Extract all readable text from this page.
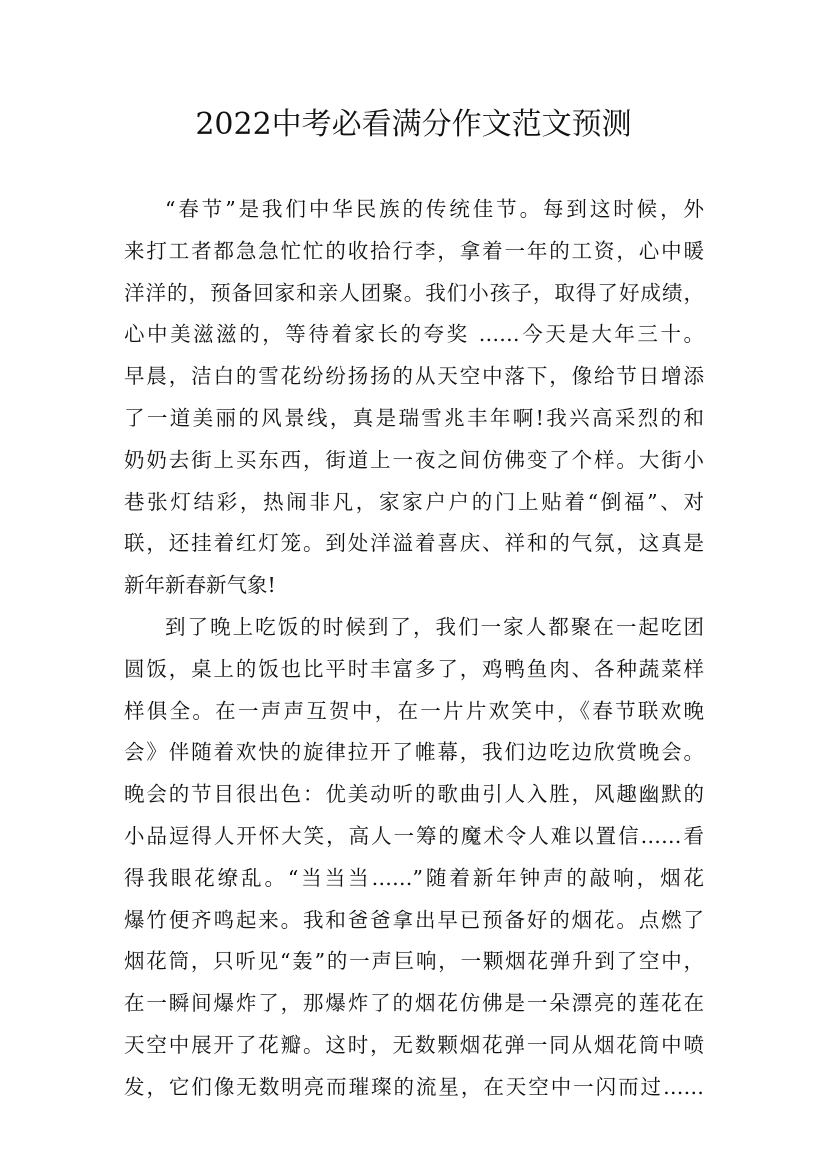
2022中考必看满分作文范文预测
“春节”是我们中华民族的传统佳节。每到这时候，外
来打工者都急急忙忙的收拾行李，拿着一年的工资，心中暖
洋洋的，预备回家和亲人团聚。我们小孩子，取得了好成绩，
心中美滋滋的，等待着家长的夸奖 ……今天是大年三十。
早晨，洁白的雪花纷纷扬扬的从天空中落下，像给节日增添
了一道美丽的风景线，真是瑞雪兆丰年啊!我兴高采烈的和
奶奶去街上买东西，街道上一夜之间仿佛变了个样。大街小
巷张灯结彩，热闹非凡，家家户户的门上贴着“倒福”、对
联，还挂着红灯笼。到处洋溢着喜庆、祥和的气氛，这真是
新年新春新气象!
到了晚上吃饭的时候到了，我们一家人都聚在一起吃团
圆饭，桌上的饭也比平时丰富多了，鸡鸭鱼肉、各种蔬菜样
样俱全。在一声声互贺中，在一片片欢笑中，《春节联欢晚
会》伴随着欢快的旋律拉开了帷幕，我们边吃边欣赏晚会。
晚会的节目很出色：优美动听的歌曲引人入胜，风趣幽默的
小品逗得人开怀大笑，高人一筹的魔术令人难以置信……看
得我眼花缭乱。“当当当……”随着新年钟声的敲响，烟花
爆竹便齐鸣起来。我和爸爸拿出早已预备好的烟花。点燃了
烟花筒，只听见“轰”的一声巨响，一颗烟花弹升到了空中，
在一瞬间爆炸了，那爆炸了的烟花仿佛是一朵漂亮的莲花在
天空中展开了花瓣。这时，无数颗烟花弹一同从烟花筒中喷
发，它们像无数明亮而璀璨的流星，在天空中一闪而过……
